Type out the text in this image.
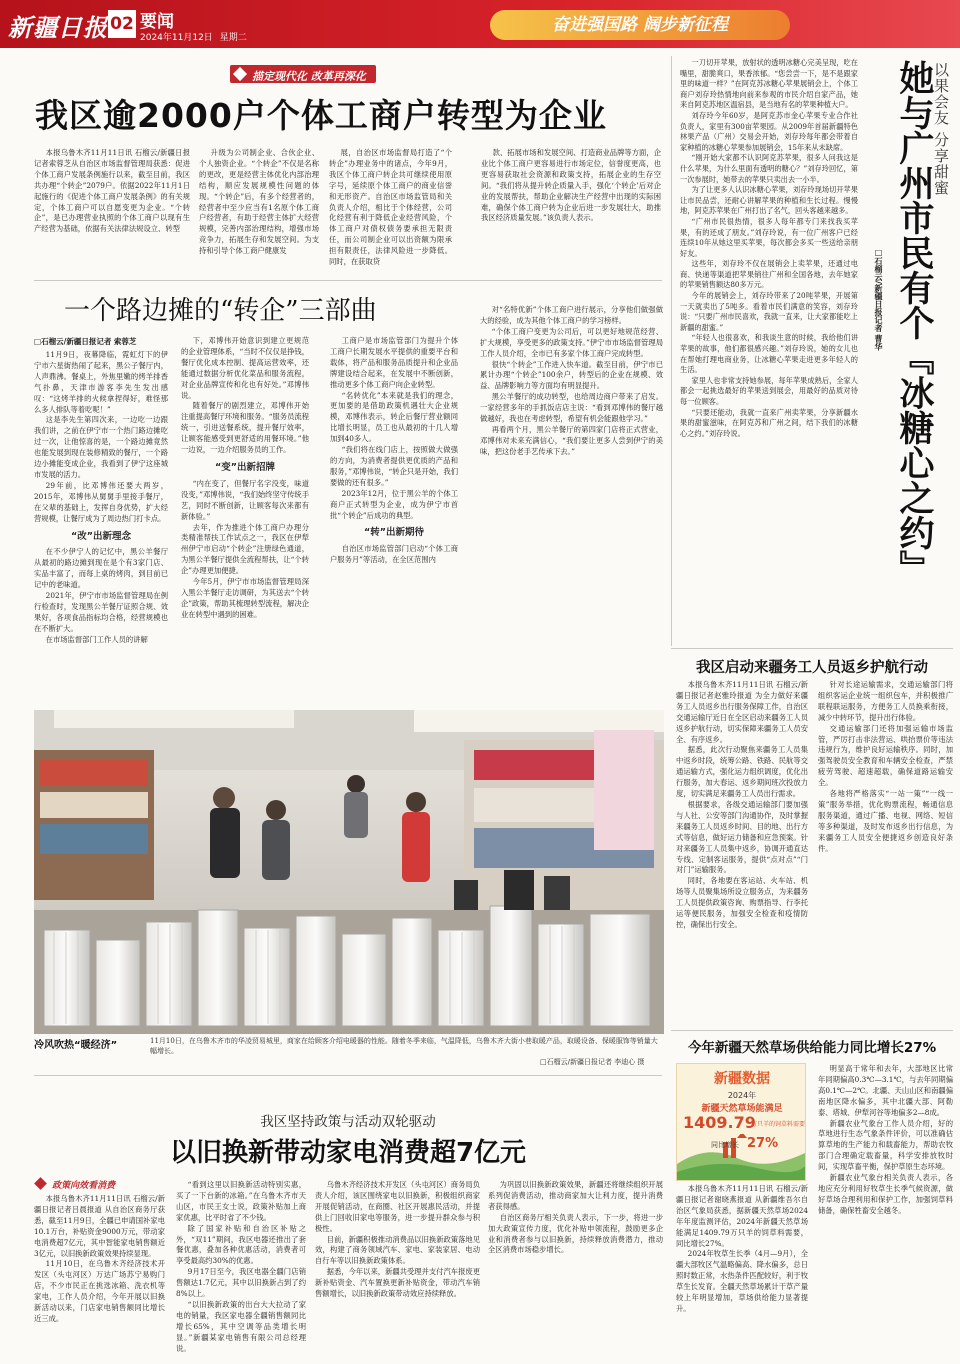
新疆日报 02 要闻
2024年11月12日 星期二
奋进强国路 阔步新征程
描定现代化 改革再深化
我区逾2000户个体工商户转型为企业

本报乌鲁木齐11月11日讯 石榴云/新疆日报记者索蓉芝从自治区市场监督管理局获悉：促进个体工商户发展条例施行以来，截至目前，我区共办理“个转企”2079户。依据2022年11月1日起施行的《促进个体工商户发展条例》的有关规定，个体工商户可以自愿变更为企业。“个转企”，是已办理营业执照的个体工商户以现有生产经营为基础，依据有关法律法规设立、转型

升级为公司制企业、合伙企业、个人独资企业。“个转企”不仅是名称的更改，更是经营主体优化内部治理结构，顺应发展规模性问题的体现。“个转企”后，有多个经营者的，经营者中至少应当有1名原个体工商户经营者，有助于经营主体扩大经营规模，完善内部治理结构，增强市场竞争力，拓展生存和发展空间。为支持和引导个体工商户健康发

展，自治区市场监督局打造了“个转企”办理业务中的诸点，今年9月，我区个体工商户转企共可继续使用原字号，延续原个体工商户的商业信誉和无形资产。自治区市场监管局和关负责人介绍，相比于个体经营，公司化经营有利于降低企业经营风险，个体工商户对债权债务要承担无限责任，而公司制企业可以出资额为限承担有限责任，法律风险进一步降低。同时，在获取贷

款、拓展市场和发展空间、打造商业品牌等方面，企业比个体工商户更容易进行市场定位，信誉度更高，也更容易获取社会资源和政策支持，拓展企业的生存空间。“我们将从提升转企质量入手，强化‘个转企’后对企业的发展帮扶，帮助企业解决生产经营中出现的实际困难，确保个体工商户转为企业后进一步发展壮大，助推我区经济质量发展。”该负责人表示。

一个路边摊的“转企”三部曲
□石榴云/新疆日报记者 索蓉芝

11月9日，夜幕降临，霓虹灯下的伊宁市六星街热闹了起来，黑公子餐厅内，人声鼎沸。餐桌上，外焦里嫩的烤羊排香气扑鼻，天津市游客李先生发出感叹：“这烤羊排的火候拿捏得好，难怪那么多人排队等着吃呢！”

这是李先生第四次来，一边吃一边跟我们讲，之前在伊宁市一个热门路边摊吃过一次，让他惊喜的是，一个路边摊竟然也能发展到现在装修精致的餐厅，一个路边小摊能变成企业，我看到了伊宁这座城市发展的活力。

29年前，比邓博伟还要大两岁，2015年，邓博伟从舅舅手里接手餐厅，在父辈的基础上，发挥自身优势，扩大经营规模，让餐厅成为了周边热门打卡点。

“改”出新理念

在不少伊宁人的记忆中，黑公羊餐厅从最初的路边摊到现在是个有3家门店、实品丰富了，而每上桌的烤肉，到目前已记中的老味道。

2021年，伊宁市市场监督管理局在例行检查时，发现黑公羊餐厅证照合规、效果好，各项食品指标均合格，经营规模也在不断扩大。

在市场监督部门工作人员的讲解

下，邓博伟开始意识到建立更规范的企业管理体系，“当时不仅仅是挣钱，餐厅优化成本控制、提高运营效率，还能通过数据分析优化菜品和服务流程，对企业品牌宣传和化也有好处。”邓博伟说。

随着餐厅的剧烈建立，邓博伟开始注重提高餐厅环境和服务。“服务员流程统一，引进送餐系统，提升餐厅效率，让顾客能感受到更舒适的用餐环境。”他一边说，一边介绍服务员的工作。

“变”出新招牌

“内在变了，但餐厅名字没变，味道没变，”邓博伟说，“我们始终坚守传统手艺，同时不断创新，让顾客每次来都有新体验。”

去年，作为推进个体工商户办理分类精准帮扶工作试点之一，我区在伊犁州伊宁市启动“个转企”注册绿色通道，为黑公羊餐厅提供全流程帮扶，让“个转企”办理更加便捷。

今年5月，伊宁市市场监督管理局深入黑公羊餐厅走访调研，为其送去“个转企”政策，帮助其梳理转型流程，解决企业在转型中遇到的困难。

工商户是市场监管部门为提升个体工商户长期发展水平提供的重要平台和载体，将产品和服务品质提升和企业品牌建设结合起来，在发展中不断创新，推动更多个体工商户向企业转型。

“名转优化”本来就是我们的理念，更加要的是借助政策机遇壮大企业规模，邓博伟表示，转企后餐厅营业额同比增长明显，员工也从最初的十几人增加到40多人。

“我们将在线门店上，按照做大做强的方向，为消费者提供更优质的产品和服务，”邓博伟说，“转企只是开始，我们要做的还有很多。”

2023年12月，位于黑公羊的个体工商户正式转型为企业，成为伊宁市首批“个转企”后成功的典型。

“转”出新期待

自治区市场监管部门启动“个体工商户服务月”等活动，在全区范围内

对“名特优新”个体工商户进行展示，分享他们做强做大的经验，成为其他个体工商户的学习榜样。

“个体工商户变更为公司后，可以更好地规范经营、扩大规模，享受更多的政策支持。”伊宁市市场监督管理局工作人员介绍，全市已有多家个体工商户完成转型。

很快“个转企”工作进入快车道。截至目前，伊宁市已累计办理“个转企”100余户，转型后的企业在规模、效益、品牌影响力等方面均有明显提升。

黑公羊餐厅的成功转型，也给周边商户带来了启发。一家经营多年的手抓饭店店主说：“看到邓博伟的餐厅越做越好，我也在考虑转型，希望有机会能跟他学习。”

再看两个月，黑公羊餐厅的第四家门店将正式营业，邓博伟对未来充满信心，“我们要让更多人尝到伊宁的美味，把这份老手艺传承下去。”

一刀切开苹果，放射状的透明冰糖心完美呈现，吃在嘴里，甜脆爽口，果香浓郁。“您尝尝一下，是不是跟家里的味道一样？”在阿克苏冰糖心苹果展销会上，个体工商户刘存玲热情地向前来参观的市民介绍自家产品，她来自阿克苏地区温宿县，是当地有名的苹果种植大户。

刘存玲今年60岁，是阿克苏市金心苹果专业合作社负责人，家里有300亩苹果园。从2009年首届新疆特色林果产品（广州）交易会开始，刘存玲每年都会带着自家种植的冰糖心苹果参加展销会，15年来从未缺席。

“刚开始大家都不认识阿克苏苹果，很多人问我这是什么苹果，为什么里面有透明的糖心？”刘存玲回忆，第一次参展时，她带去的苹果只卖出去一小半。

为了让更多人认识冰糖心苹果，刘存玲现场切开苹果让市民品尝，还耐心讲解苹果的种植和生长过程。慢慢地，阿克苏苹果在广州打出了名气，回头客越来越多。

“广州市民很热情，很多人每年都专门来找我买苹果，有的还成了朋友。”刘存玲说，有一位广州客户已经连续10年从她这里买苹果，每次都会多买一些送给亲朋好友。

这些年，刘存玲不仅在展销会上卖苹果，还通过电商、快递等渠道把苹果销往广州和全国各地，去年她家的苹果销售额达80多万元。

今年的展销会上，刘存玲带来了20吨苹果，开展第一天就卖出了5吨多。看着市民们满意的笑容，刘存玲说：“只要广州市民喜欢，我就一直来，让大家都能吃上新疆的甜蜜。”

“年轻人也很喜欢，和我谈生意的时候，我给他们讲苹果的故事，他们都很感兴趣。”刘存玲说，她的女儿也在帮她打理电商业务，让冰糖心苹果走进更多年轻人的生活。

家里人也非常支持她参展，每年苹果成熟后，全家人都会一起挑选最好的苹果送到展会，用最好的品质对待每一位顾客。

“只要还能动，我就一直来广州卖苹果，分享新疆水果的甜蜜滋味，在阿克苏和广州之间，结下我们的冰糖心之约。”刘存玲说。

以果会友 分享甜蜜
她与广州市民有个『冰糖心之约』
□石榴云/新疆日报记者 曹华
我区启动来疆务工人员返乡护航行动

本报乌鲁木齐11月11日讯 石榴云/新疆日报记者赵雅玲报道 为全力做好来疆务工人员返乡出行服务保障工作，自治区交通运输厅近日在全区启动来疆务工人员返乡护航行动，切实保障来疆务工人员安全、有序返乡。

据悉，此次行动聚焦来疆务工人员集中返乡时段，统筹公路、铁路、民航等交通运输方式，强化运力组织调度，优化出行服务，加大春运、返乡期间班次投放力度，切实满足来疆务工人员出行需求。

根据要求，各级交通运输部门要加强与人社、公安等部门沟通协作，及时掌握来疆务工人员返乡时间、目的地、出行方式等信息，做好运力储备和应急预案。针对来疆务工人员集中返乡，协调开通直达专线、定制客运服务，提供“点对点”“门对门”运输服务。

同时，各地要在客运站、火车站、机场等人员聚集场所设立服务点，为来疆务工人员提供政策咨询、购票指导、行李托运等便民服务，加强安全检查和疫情防控，确保出行安全。

针对长途运输需求，交通运输部门将组织客运企业统一组织包车，并积极推广联程联运服务，方便务工人员换乘衔接，减少中转环节，提升出行体验。

交通运输部门还将加强运输市场监管，严厉打击非法营运、哄抬票价等违法违规行为，维护良好运输秩序。同时，加强驾驶员安全教育和车辆安全检查，严禁疲劳驾驶、超速超载，确保道路运输安全。

各地将严格落实“一站一策”“一线一策”服务举措，优化购票流程，畅通信息服务渠道，通过广播、电视、网络、短信等多种渠道，及时发布返乡出行信息，为来疆务工人员安全便捷返乡创造良好条件。

冷风吹热“暖经济”	11月10日，在乌鲁木齐市的华凌贸易城里，商家在给顾客介绍电暖器的性能。随着冬季来临，气温降低，乌鲁木齐大街小巷取暖产品，取暖设备、保暖服饰等销量大幅增长。
□石榴云/新疆日报记者 李迪心 摄
我区坚持政策与活动双轮驱动
以旧换新带动家电消费超7亿元
政策向效看消费

本报乌鲁木齐11月11日讯 石榴云/新疆日报记者吕晨报道 从自治区商务厅获悉，截至11月9日，全疆已申请国补家电10.1万台，补贴资金9000万元，带动家电消费超7亿元，其中智能家电销售额近3亿元，以旧换新政策效果持续显现。

11月10日，在乌鲁木齐经济技术开发区（头屯河区）万达广场苏宁易购门店，不少市民正在挑选冰箱、洗衣机等家电，工作人员介绍，今年开展以旧换新活动以来，门店家电销售额同比增长近三成。

“看到这里以旧换新活动特别实惠，买了一下台新的冰箱。”在乌鲁木齐市天山区，市民王女士说，政策补贴加上商家优惠，比平时省了不少钱。

除了国家补贴和自治区补贴之外，“双11”期间，我区电器还推出了套餐优惠，叠加各种优惠活动，消费者可享受最高约30%的优惠。

9月17日至今，我区电器全疆门店销售额达1.7亿元，其中以旧换新占到了约8%以上。

“以旧换新政策的出台大大拉动了家电的销量，我区家电器全疆销售额同比增长65%，其中空调等品类增长明显。”新疆某家电销售有限公司总经理说。

乌鲁木齐经济技术开发区（头屯河区）商务局负责人介绍，该区围绕家电以旧换新，积极组织商家开展促销活动，在商圈、社区开展惠民活动，并提供上门回收旧家电等服务，进一步提升群众参与积极性。

目前，新疆积极推动消费品以旧换新政策落地见效，构建了商务领域汽车、家电、家装家居、电动自行车等以旧换新政策体系。

据悉，今年以来，新疆共受理并支付汽车报废更新补贴资金、汽车置换更新补贴资金，带动汽车销售额增长，以旧换新政策带动效应持续释放。

为巩固以旧换新政策效果，新疆还将继续组织开展系列促消费活动，推动商家加大让利力度，提升消费者获得感。

自治区商务厅相关负责人表示，下一步，将进一步加大政策宣传力度，优化补贴申领流程，鼓励更多企业和消费者参与以旧换新，持续释放消费潜力，推动全区消费市场稳步增长。

今年新疆天然草场供给能力同比增长27%
新疆数据
2024年
新疆天然草场能满足
1409.79
万只羊的饲草料需要
同比增长 27%

本报乌鲁木齐11月11日讯 石榴云/新疆日报记者谢晓燕报道 从新疆维吾尔自治区气象局获悉，据新疆天然草场2024年年度监测评估，2024年新疆天然草场能满足1409.79万只羊的饲草料需要，同比增长27%。

2024年牧草生长季（4月—9月），全疆大部牧区气温略偏高、降水偏多，总日照时数正常，水热条件匹配较好，利于牧草生长发育。全疆天然草场累计干草产量较上年明显增加，草场供给能力显著提升。

明显高于常年和去年，大部地区比常年同期偏高0.3℃—3.1℃，与去年同期偏高0.1℃—2℃。北疆、天山山区和南疆偏南地区降水偏多，其中北疆大部、阿勒泰、塔城、伊犁河谷等地偏多2—8成。

新疆农业气象台工作人员介绍，好的草地进行生态气象条件评价，可以准确估算草地的生产能力和载畜能力，帮助农牧部门合理确定载畜量，科学安排放牧时间，实现草畜平衡，保护草原生态环境。

新疆农业气象台相关负责人表示，各地应充分利用好牧草生长季气候资源，做好草场合理利用和保护工作，加强饲草料储备，确保牲畜安全越冬。
